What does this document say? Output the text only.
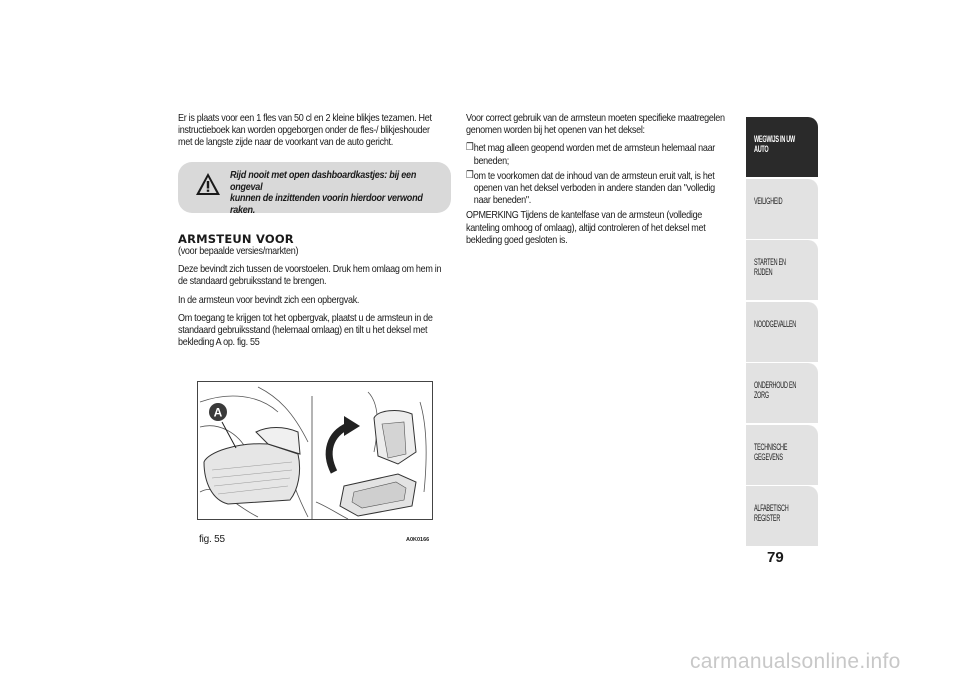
Er is plaats voor een 1 fles van 50 cl en 2 kleine blikjes tezamen. Het
instructieboek kan worden opgeborgen onder de fles-/ blikjeshouder
met de langste zijde naar de voorkant van de auto gericht.
Rijd nooit met open dashboardkastjes: bij een ongeval
kunnen de inzittenden voorin hierdoor verwond
raken.
ARMSTEUN VOOR

(voor bepaalde versies/markten)

Deze bevindt zich tussen de voorstoelen. Druk hem omlaag om hem in
de standaard gebruiksstand te brengen.

In de armsteun voor bevindt zich een opbergvak.

Om toegang te krijgen tot het opbergvak, plaatst u de armsteun in de
standaard gebruiksstand (helemaal omlaag) en tilt u het deksel met
bekleding A op. fig. 55

A
fig. 55	A0K0166

Voor correct gebruik van de armsteun moeten specifieke maatregelen
genomen worden bij het openen van het deksel:

❒ het mag alleen geopend worden met de armsteun helemaal naar
beneden;
❒ om te voorkomen dat de inhoud van de armsteun eruit valt, is het
openen van het deksel verboden in andere standen dan "volledig
naar beneden".

OPMERKING Tijdens de kantelfase van de armsteun (volledige
kanteling omhoog of omlaag), altijd controleren of het deksel met
bekleding goed gesloten is.

WEGWIJS IN UW
AUTO
VEILIGHEID
STARTEN EN RIJDEN
NOODGEVALLEN
ONDERHOUD EN
ZORG
TECHNISCHE
GEGEVENS
ALFABETISCH
REGISTER
79
carmanualsonline.info
